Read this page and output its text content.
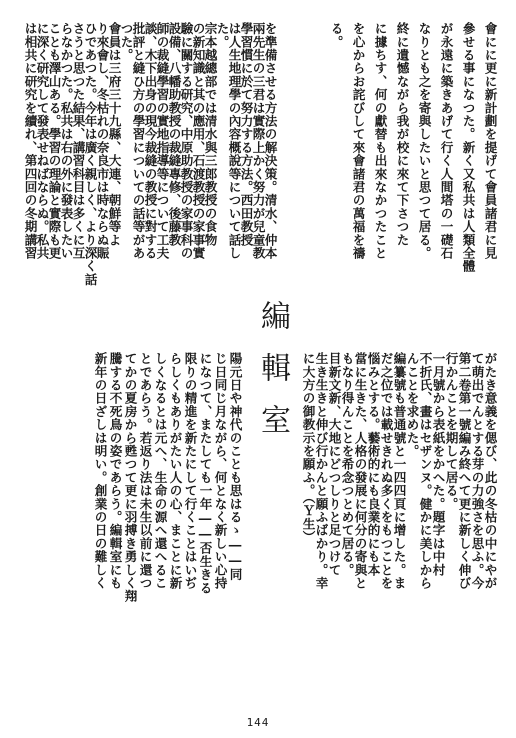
會にに更に新計劃を提げて會員諸君に見
參せる事になつた。新く又私共は人類全體
が永遠に築きあげて行く人間塔の一礎石
なりとも之を寄與したいと思つて居る。
終に遺憾ながら我が校に來て下さつた
に據ちす、何の獻替も出來なかつたこと
を心からお詫びして來會諸君の萬福を禱
る。
を準備させる方法の解決策。清水、仲本
兩先生の三君は實際上かく努力が兒童教
學習慣に於て努力する方法。西田教授
は人生地理學の內容概說等について話し
た。
宗本越總部では清水與三郎教授の食物
の新知識と其の應用、石渡教授の家事實
驗に關する研究、中原助教授の家事科の
設備、八幡助教授の裁縫專修、後藤教
師の裁縫學習の實地指導等について工夫
談、木下出身の現今裁縫の教授に對する
批評と縫ひ方の學習についての話等があ
つた。
會員は三府三十九縣、大連、朝鮮等よ
り來會し、冬枯れの奈良市は時ならぬ賑
ひであつた。今年は廣く親しく、より深く話
さうと思つた結果、講習科目は多くに互
らなかつた。私共は右の外に發表したい
ことも澤山ある。學習の理論と實際も更
に深く研究して發表せねばならぬ。私共
は相共に研究を續れ、第四回の冬期講習
がたき意義を偲び、此の冬枯の中にやが
て萌出でんとする芽の力強さを思ふ。今
第二卷第一號編み終へて更に新しく伸び
行かんことを期して居る。
一月號から表紙をかへた。題字は中村
不折氏、畫はセザンヌ。健かに美しから
んことを求めた。
編纂號も普通號と一四四頁に增した。ま
だ之位では載せきれぬ多くをもつことを
惱みとする。藝術的にも良業的にも本
當に生きた、人格の發展に何分の寄與と
もなり得んことを希念つとめて居る。
目新文新、大地にどつしりと足つけて
生き生きと伸び行かんと願ふばかり。幸
に大方の御教示を願ふ。（Ｙ生）
陽元日や神代のことも思はるゝ――同
じ日同じ月ながら、何となく新しい心持
になつて、またしても一年――否生きる
限りの精進を新たにして行くことはいぢ
らしくもありがたい人の心、まことに新
しくなるとは元へ、生命の源へ還へるこ
とであらう。若返り法は未生以前に還つ
てかの夏房から甦つて更に羽搏き勇しく翔
騰する不死鳥の姿であらう。編輯室にも
新年の日ざしは明い。創業の日の難しく	編輯室
144
